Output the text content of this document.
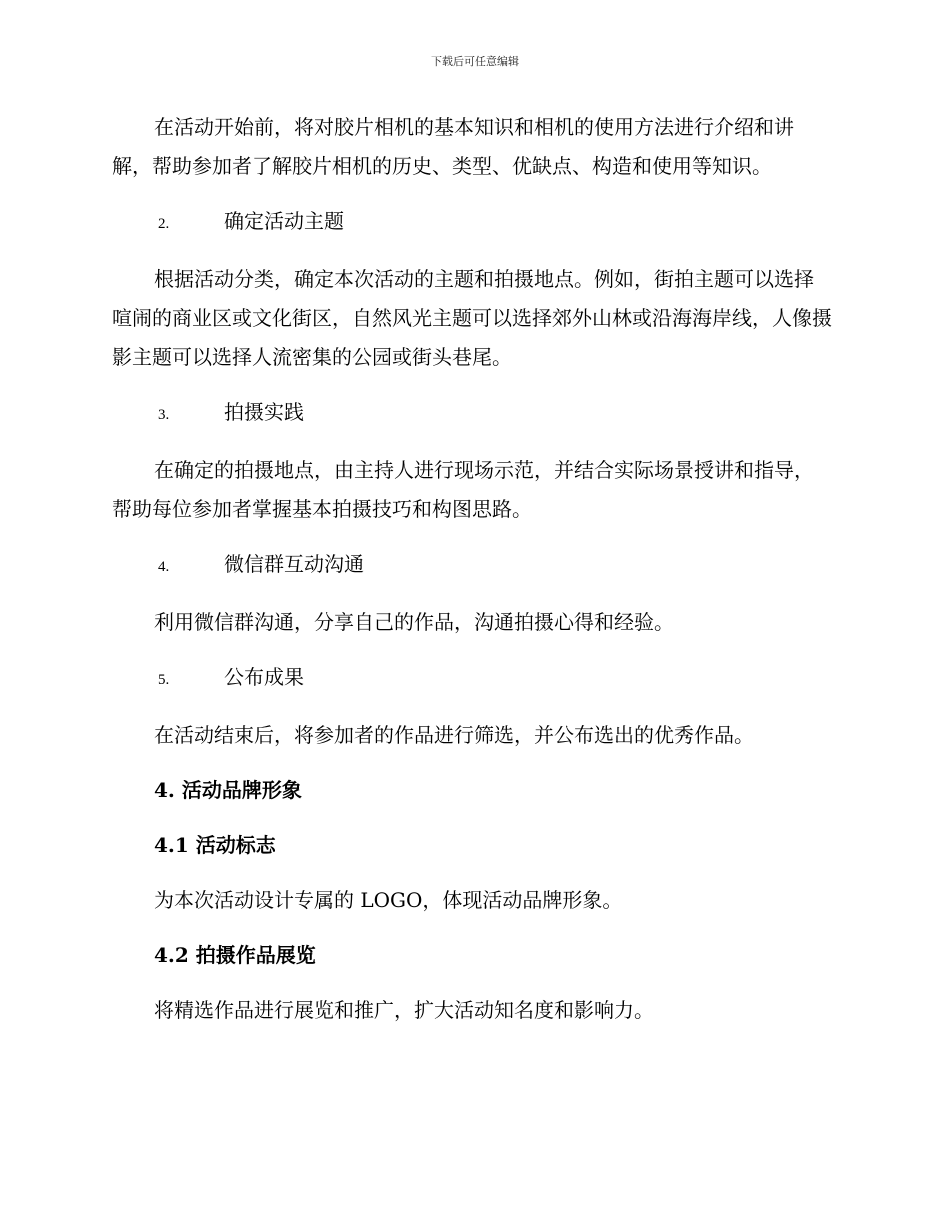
下载后可任意编辑

在活动开始前，将对胶片相机的基本知识和相机的使用方法进行介绍和讲解，帮助参加者了解胶片相机的历史、类型、优缺点、构造和使用等知识。

2.	确定活动主题

根据活动分类，确定本次活动的主题和拍摄地点。例如，街拍主题可以选择喧闹的商业区或文化街区，自然风光主题可以选择郊外山林或沿海海岸线，人像摄影主题可以选择人流密集的公园或街头巷尾。

3.	拍摄实践

在确定的拍摄地点，由主持人进行现场示范，并结合实际场景授讲和指导，帮助每位参加者掌握基本拍摄技巧和构图思路。

4.	微信群互动沟通

利用微信群沟通，分享自己的作品，沟通拍摄心得和经验。

5.	公布成果

在活动结束后，将参加者的作品进行筛选，并公布选出的优秀作品。

4. 活动品牌形象
4.1 活动标志

为本次活动设计专属的 LOGO，体现活动品牌形象。

4.2 拍摄作品展览

将精选作品进行展览和推广，扩大活动知名度和影响力。
